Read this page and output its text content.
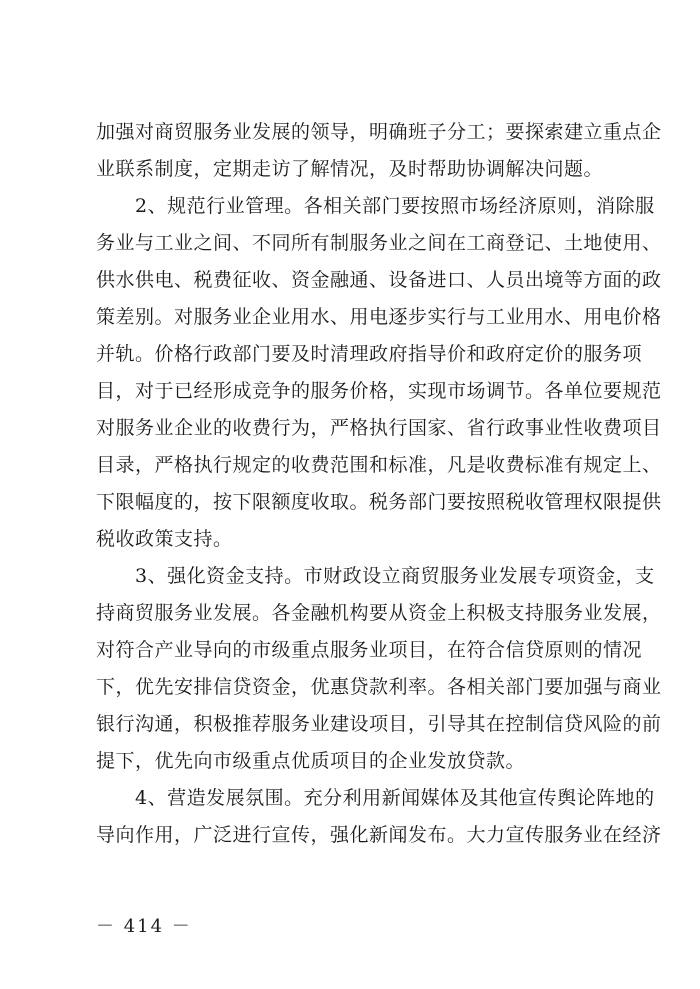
加强对商贸服务业发展的领导，明确班子分工；要探索建立重点企
业联系制度，定期走访了解情况，及时帮助协调解决问题。

　　2、规范行业管理。各相关部门要按照市场经济原则，消除服
务业与工业之间、不同所有制服务业之间在工商登记、土地使用、
供水供电、税费征收、资金融通、设备进口、人员出境等方面的政
策差别。对服务业企业用水、用电逐步实行与工业用水、用电价格
并轨。价格行政部门要及时清理政府指导价和政府定价的服务项
目，对于已经形成竞争的服务价格，实现市场调节。各单位要规范
对服务业企业的收费行为，严格执行国家、省行政事业性收费项目
目录，严格执行规定的收费范围和标准，凡是收费标准有规定上、
下限幅度的，按下限额度收取。税务部门要按照税收管理权限提供
税收政策支持。

　　3、强化资金支持。市财政设立商贸服务业发展专项资金，支
持商贸服务业发展。各金融机构要从资金上积极支持服务业发展，
对符合产业导向的市级重点服务业项目，在符合信贷原则的情况
下，优先安排信贷资金，优惠贷款利率。各相关部门要加强与商业
银行沟通，积极推荐服务业建设项目，引导其在控制信贷风险的前
提下，优先向市级重点优质项目的企业发放贷款。

　　4、营造发展氛围。充分利用新闻媒体及其他宣传舆论阵地的
导向作用，广泛进行宣传，强化新闻发布。大力宣传服务业在经济

－ 414 －
